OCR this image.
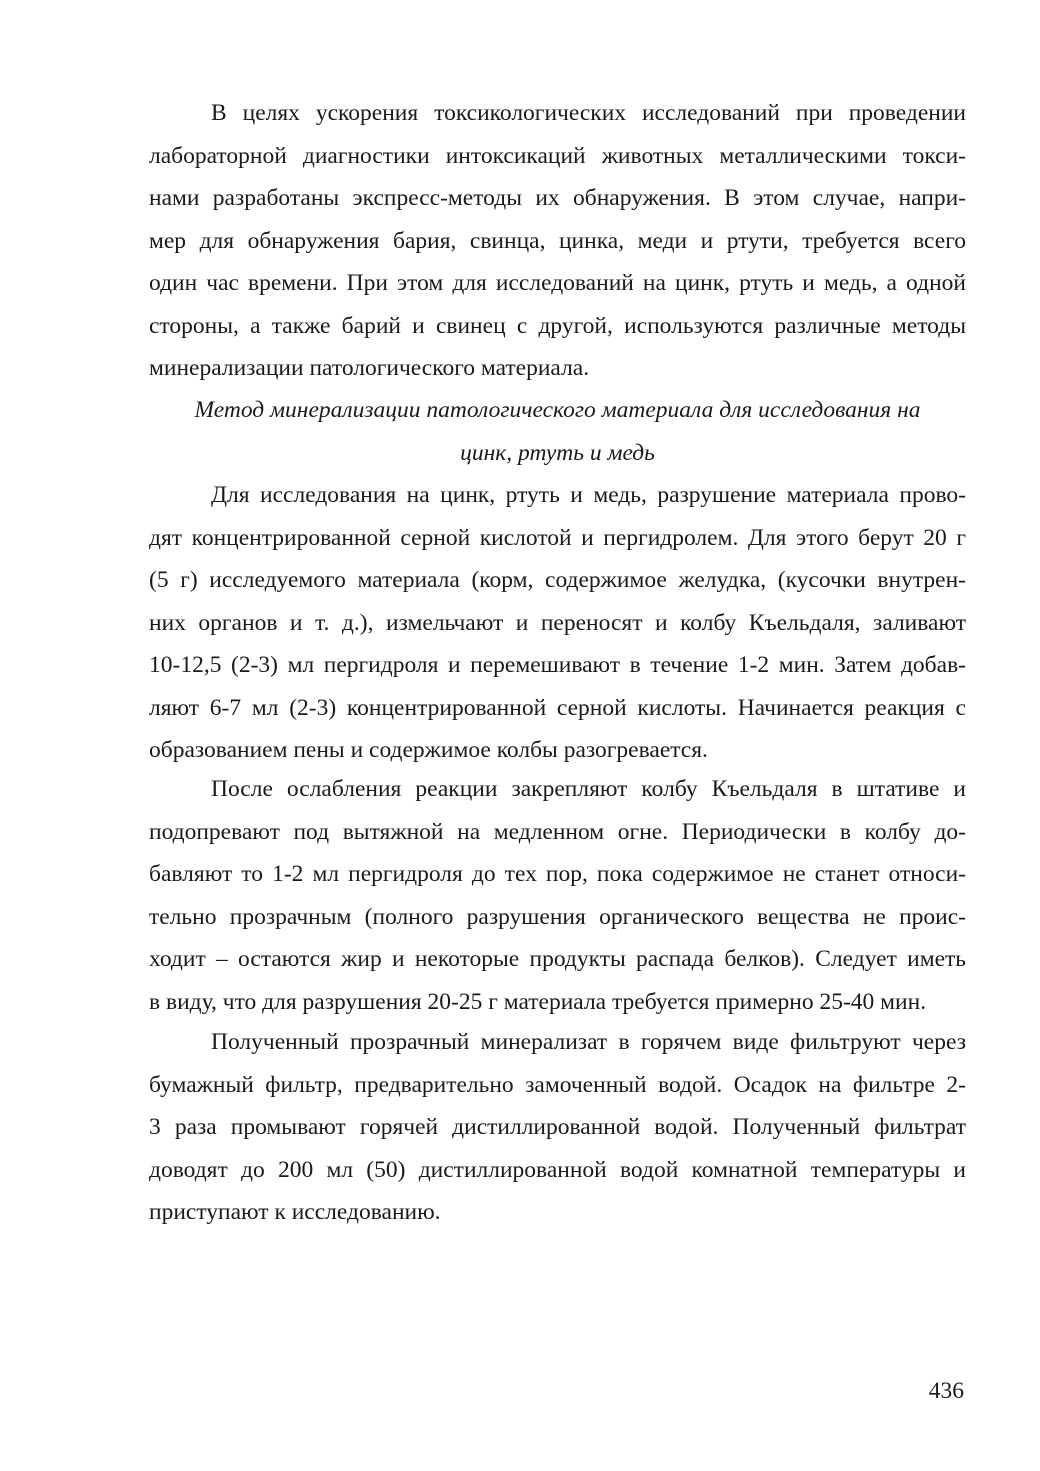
В целях ускорения токсикологических исследований при проведении
лабораторной диагностики интоксикаций животных металлическими токси-
нами разработаны экспресс-методы их обнаружения. В этом случае, напри-
мер для обнаружения бария, свинца, цинка, меди и ртути, требуется всего
один час времени. При этом для исследований на цинк, ртуть и медь, а одной
стороны, а также барий и свинец с другой, используются различные методы
минерализации патологического материала.
Метод минерализации патологического материала для исследования на
цинк, ртуть и медь
Для исследования на цинк, ртуть и медь, разрушение материала прово-
дят концентрированной серной кислотой и пергидролем. Для этого берут 20 г
(5 г) исследуемого материала (корм, содержимое желудка, (кусочки внутрен-
них органов и т. д.), измельчают и переносят и колбу Къельдаля, заливают
10-12,5 (2-3) мл пергидроля и перемешивают в течение 1-2 мин. Затем добав-
ляют 6-7 мл (2-3) концентрированной серной кислоты. Начинается реакция с
образованием пены и содержимое колбы разогревается.
После ослабления реакции закрепляют колбу Къельдаля в штативе и
подопревают под вытяжной на медленном огне. Периодически в колбу до-
бавляют то 1-2 мл пергидроля до тех пор, пока содержимое не станет относи-
тельно прозрачным (полного разрушения органического вещества не проис-
ходит – остаются жир и некоторые продукты распада белков). Следует иметь
в виду, что для разрушения 20-25 г материала требуется примерно 25-40 мин.
Полученный прозрачный минерализат в горячем виде фильтруют через
бумажный фильтр, предварительно замоченный водой. Осадок на фильтре 2-
3 раза промывают горячей дистиллированной водой. Полученный фильтрат
доводят до 200 мл (50) дистиллированной водой комнатной температуры и
приступают к исследованию.
436
